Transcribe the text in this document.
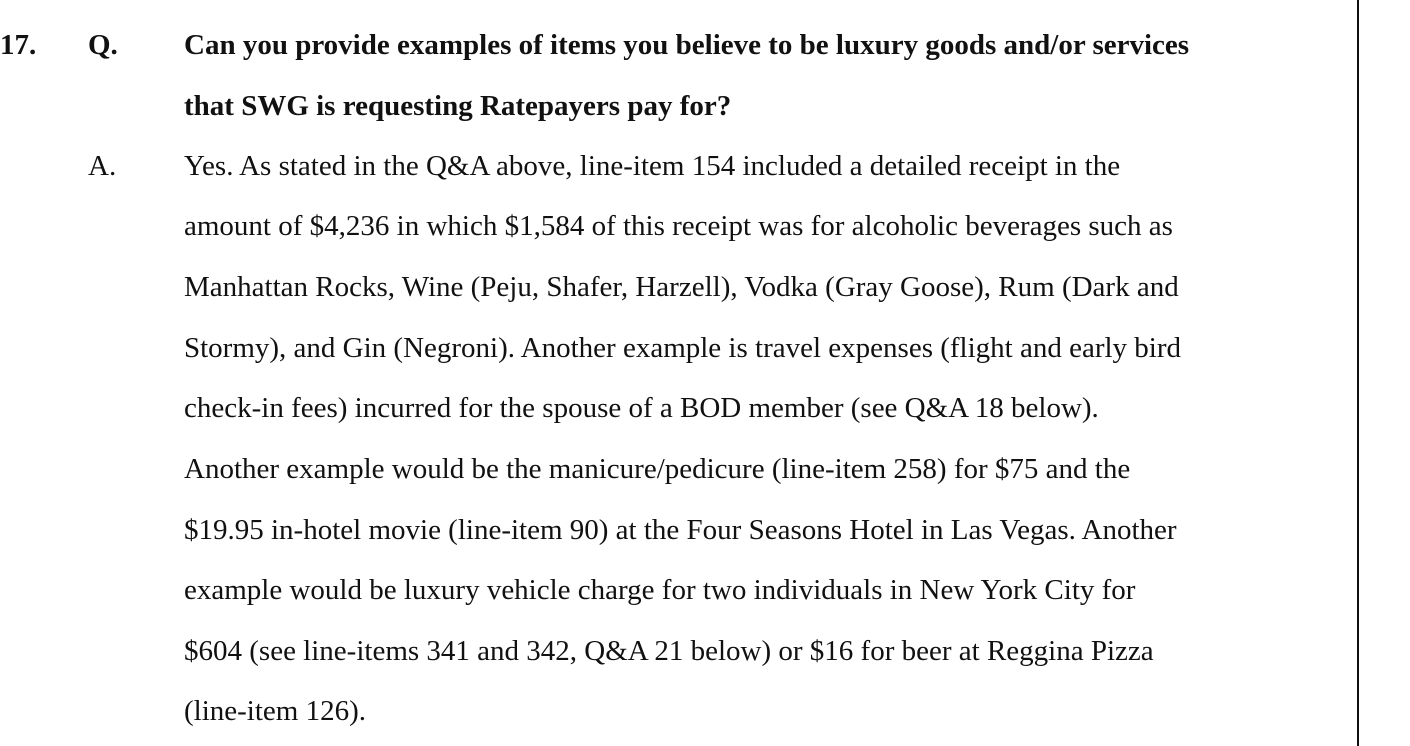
17. Q. Can you provide examples of items you believe to be luxury goods and/or services
that SWG is requesting Ratepayers pay for?
A. Yes. As stated in the Q&A above, line-item 154 included a detailed receipt in the
amount of $4,236 in which $1,584 of this receipt was for alcoholic beverages such as
Manhattan Rocks, Wine (Peju, Shafer, Harzell), Vodka (Gray Goose), Rum (Dark and
Stormy), and Gin (Negroni). Another example is travel expenses (flight and early bird
check-in fees) incurred for the spouse of a BOD member (see Q&A 18 below).
Another example would be the manicure/pedicure (line-item 258) for $75 and the
$19.95 in-hotel movie (line-item 90) at the Four Seasons Hotel in Las Vegas. Another
example would be luxury vehicle charge for two individuals in New York City for
$604 (see line-items 341 and 342, Q&A 21 below) or $16 for beer at Reggina Pizza
(line-item 126).
